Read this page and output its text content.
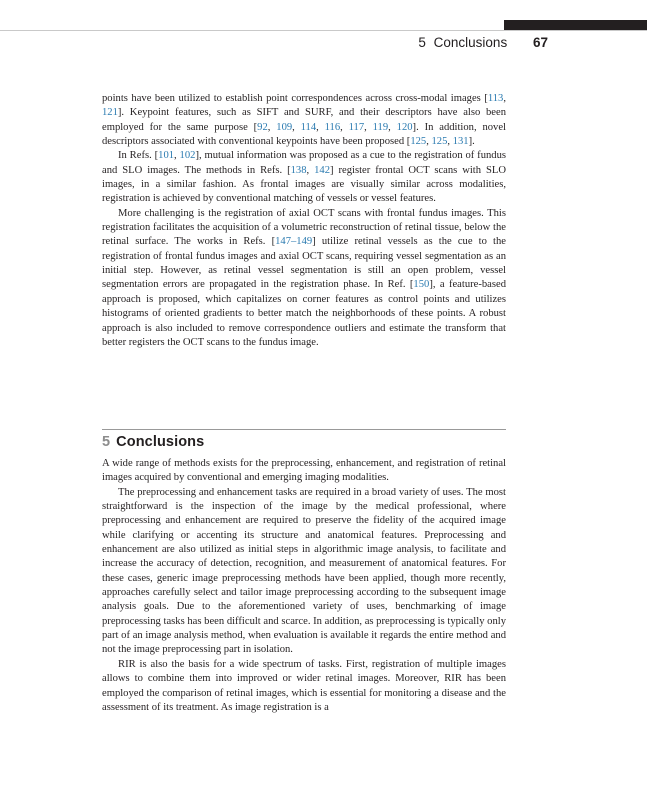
5 Conclusions 67

points have been utilized to establish point correspondences across cross-modal images [113, 121]. Keypoint features, such as SIFT and SURF, and their descriptors have also been employed for the same purpose [92, 109, 114, 116, 117, 119, 120]. In addition, novel descriptors associated with conventional keypoints have been proposed [125, 125, 131].

In Refs. [101, 102], mutual information was proposed as a cue to the registration of fundus and SLO images. The methods in Refs. [138, 142] register frontal OCT scans with SLO images, in a similar fashion. As frontal images are visually similar across modalities, registration is achieved by conventional matching of vessels or vessel features.

More challenging is the registration of axial OCT scans with frontal fundus images. This registration facilitates the acquisition of a volumetric reconstruction of retinal tissue, below the retinal surface. The works in Refs. [147–149] utilize retinal vessels as the cue to the registration of frontal fundus images and axial OCT scans, requiring vessel segmentation as an initial step. However, as retinal vessel segmentation is still an open problem, vessel segmentation errors are propagated in the registration phase. In Ref. [150], a feature-based approach is proposed, which capitalizes on corner features as control points and utilizes histograms of oriented gradients to better match the neighborhoods of these points. A robust approach is also included to remove correspondence outliers and estimate the transform that better registers the OCT scans to the fundus image.

5 Conclusions

A wide range of methods exists for the preprocessing, enhancement, and registration of retinal images acquired by conventional and emerging imaging modalities.

The preprocessing and enhancement tasks are required in a broad variety of uses. The most straightforward is the inspection of the image by the medical professional, where preprocessing and enhancement are required to preserve the fidelity of the acquired image while clarifying or accenting its structure and anatomical features. Preprocessing and enhancement are also utilized as initial steps in algorithmic image analysis, to facilitate and increase the accuracy of detection, recognition, and measurement of anatomical features. For these cases, generic image preprocessing methods have been applied, though more recently, approaches carefully select and tailor image preprocessing according to the subsequent image analysis goals. Due to the aforementioned variety of uses, benchmarking of image preprocessing tasks has been difficult and scarce. In addition, as preprocessing is typically only part of an image analysis method, when evaluation is available it regards the entire method and not the image preprocessing part in isolation.

RIR is also the basis for a wide spectrum of tasks. First, registration of multiple images allows to combine them into improved or wider retinal images. Moreover, RIR has been employed the comparison of retinal images, which is essential for monitoring a disease and the assessment of its treatment. As image registration is a
